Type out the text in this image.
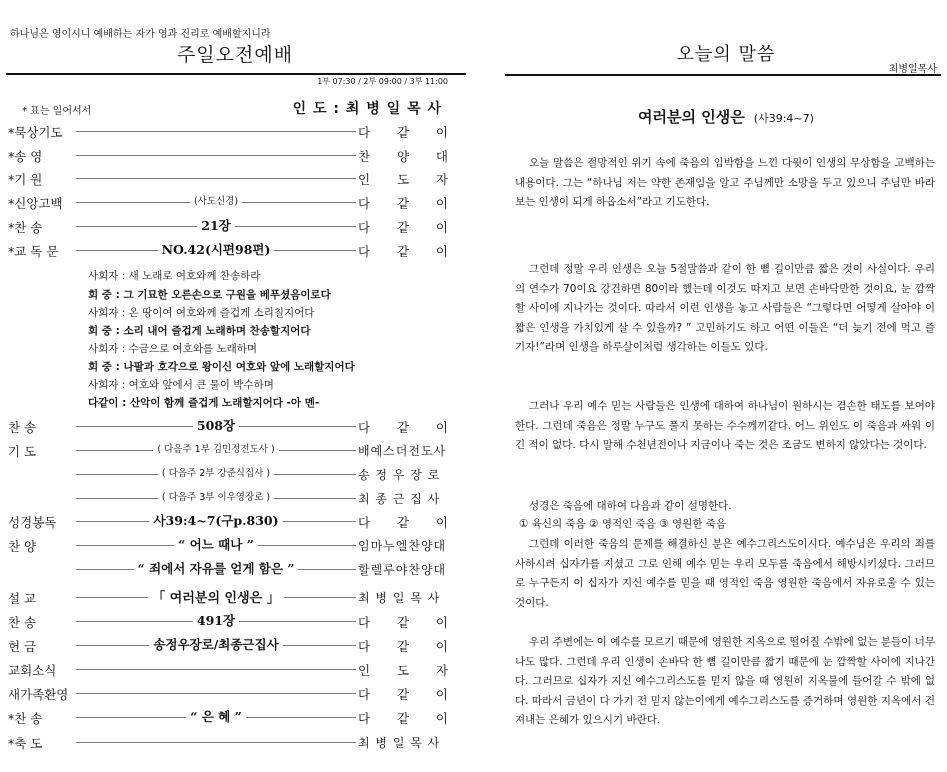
하나님은 영이시니 예배하는 자가 영과 진리로 예배할지니라
주일오전예배
1부 07:30 / 2부 09:00 / 3부 11:00
* 표는 일어서서	인 도 : 최 병 일 목 사
*묵상기도	다 같 이
*송 영	찬 양 대
*기 원	인 도 자
*신앙고백	(사도신경)	다 같 이
*찬 송	21장	다 같 이
*교 독 문	NO.42(시편98편)	다 같 이
사회자 : 새 노래로 여호와께 찬송하라
회 중 : 그 기묘한 오른손으로 구원을 베푸셨음이로다
사회자 : 온 땅이여 여호와께 즐겁게 소리칠지어다
회 중 : 소리 내어 즐겁게 노래하며 찬송할지어다
사회자 : 수금으로 여호와를 노래하며
회 중 : 나팔과 호각으로 왕이신 여호와 앞에 노래할지어다
사회자 : 여호와 앞에서 큰 물이 박수하며
다같이 : 산악이 함께 즐겁게 노래할지어다 -아 멘-
찬 송	508장	다 같 이
기 도	( 다음주 1부 김민정전도사 )	배예스더전도사
( 다음주 2부 강준식집사 )	송 정 우 장 로
( 다음주 3부 이우영장로 )	최 종 근 집 사
성경봉독	사39:4~7(구p.830)	다 같 이
찬 양	“ 어느 때나 ”	임마누엘찬양대
“ 죄에서 자유를 얻게 함은 ”	할렐루야찬양대
설 교	「 여러분의 인생은 」	최 병 일 목 사
찬 송	491장	다 같 이
헌 금	송정우장로/최종근집사	다 같 이
교회소식	인 도 자
새가족환영	다 같 이
*찬 송	“ 은 혜 ”	다 같 이
*축 도	최 병 일 목 사
오늘의 말씀
최병일목사
여러분의 인생은 (사39:4~7)

오늘 말씀은 절망적인 위기 속에 죽음의 임박함을 느낀 다윗이 인생의 무상함을 고백하는 내용이다. 그는 “하나님 저는 약한 존재임을 알고 주님께만 소망을 두고 있으니 주님만 바라보는 인생이 되게 하옵소서”라고 기도한다.

그런데 정말 우리 인생은 오늘 5절말씀과 같이 한 뼘 길이만큼 짧은 것이 사실이다. 우리의 연수가 70이요 강건하면 80이라 했는데 이것도 따지고 보면 손바닥만한 것이요, 눈 깜짝할 사이에 지나가는 것이다. 따라서 이런 인생을 놓고 사람들은 “그렇다면 어떻게 살아야 이 짧은 인생을 가치있게 살 수 있을까? ” 고민하기도 하고 어떤 이들은 “더 늦기 전에 먹고 즐기자!”라며 인생을 하루살이처럼 생각하는 이들도 있다.

그러나 우리 예수 믿는 사람들은 인생에 대하여 하나님이 원하시는 겸손한 태도를 보여야 한다. 그런데 죽음은 정말 누구도 풀지 못하는 수수께끼같다. 어느 위인도 이 죽음과 싸워 이긴 적이 없다. 다시 말해 수천년전이나 지금이나 죽는 것은 조금도 변하지 않았다는 것이다.

성경은 죽음에 대하여 다음과 같이 설명한다.

① 육신의 죽음 ② 영적인 죽음 ③ 영원한 죽음

그런데 이러한 죽음의 문제를 해결하신 분은 예수그리스도이시다. 예수님은 우리의 죄를 사하시려 십자가를 지셨고 그로 인해 예수 믿는 우리 모두를 죽음에서 해방시키셨다. 그러므로 누구든지 이 십자가 지신 예수를 믿을 때 영적인 죽음 영원한 죽음에서 자유로울 수 있는 것이다.

우리 주변에는 이 예수를 모르기 때문에 영원한 지옥으로 떨어질 수밖에 없는 분들이 너무나도 많다. 그런데 우리 인생이 손바닥 한 뼘 길이만큼 짧기 때문에 눈 깜짝할 사이에 지나간다. 그러므로 십자가 지신 예수그리스도를 믿지 않을 때 영원히 지옥불에 들어갈 수 밖에 없다. 따라서 금년이 다 가기 전 믿지 않는이에게 예수그리스도를 증거하며 영원한 지옥에서 건져내는 은혜가 있으시기 바란다.
